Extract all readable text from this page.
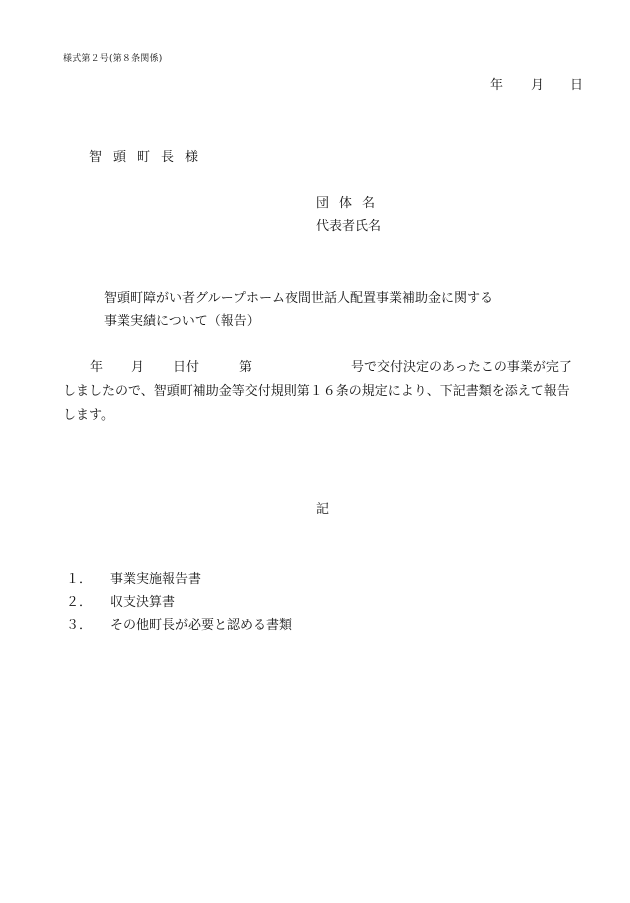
様式第２号(第８条関係)
年 月 日
智頭町長様
団体名
代表者氏名
智頭町障がい者グループホーム夜間世話人配置事業補助金に関する
事業実績について（報告）
年 月 日付	第	号で交付決定のあったこの事業が完了
しましたので、智頭町補助金等交付規則第１６条の規定により、下記書類を添えて報告
します。
記
１． 事業実施報告書
２． 収支決算書
３． その他町長が必要と認める書類
